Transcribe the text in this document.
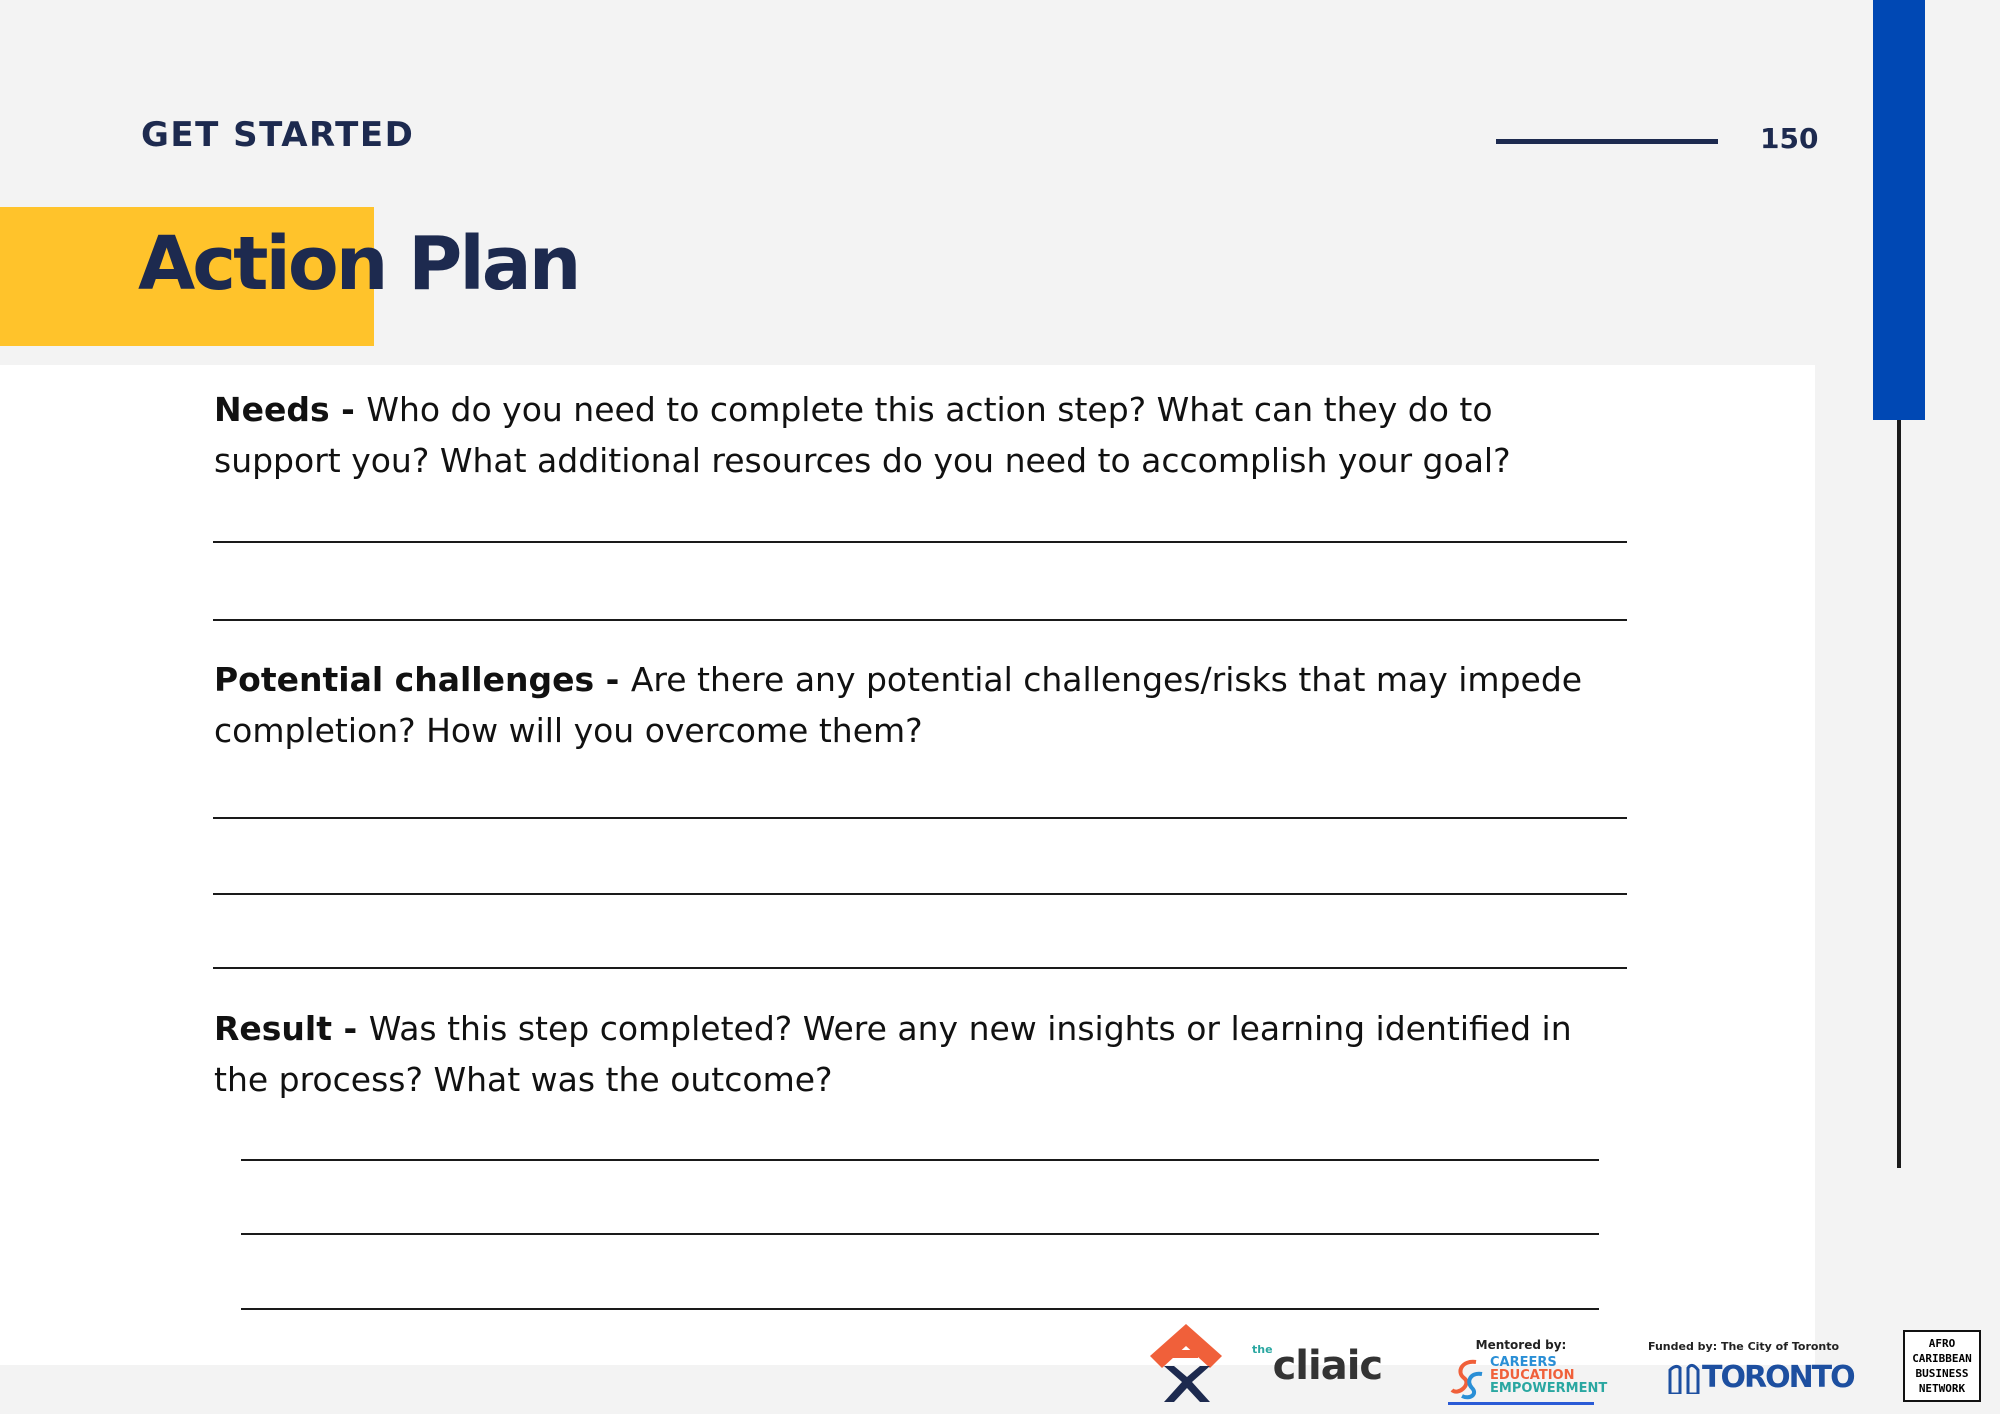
GET STARTED	150
Action Plan
Needs - Who do you need to complete this action step? What can they do to
support you? What additional resources do you need to accomplish your goal?
Potential challenges - Are there any potential challenges/risks that may impede
completion? How will you overcome them?
Result - Was this step completed? Were any new insights or learning identified in
the process? What was the outcome?
$^{the}$cliaic	Mentored by:
CAREERS
EDUCATION
EMPOWERMENT
Funded by: The City of Toronto
TORONTO
AFRO
CARIBBEAN
BUSINESS
NETWORK
